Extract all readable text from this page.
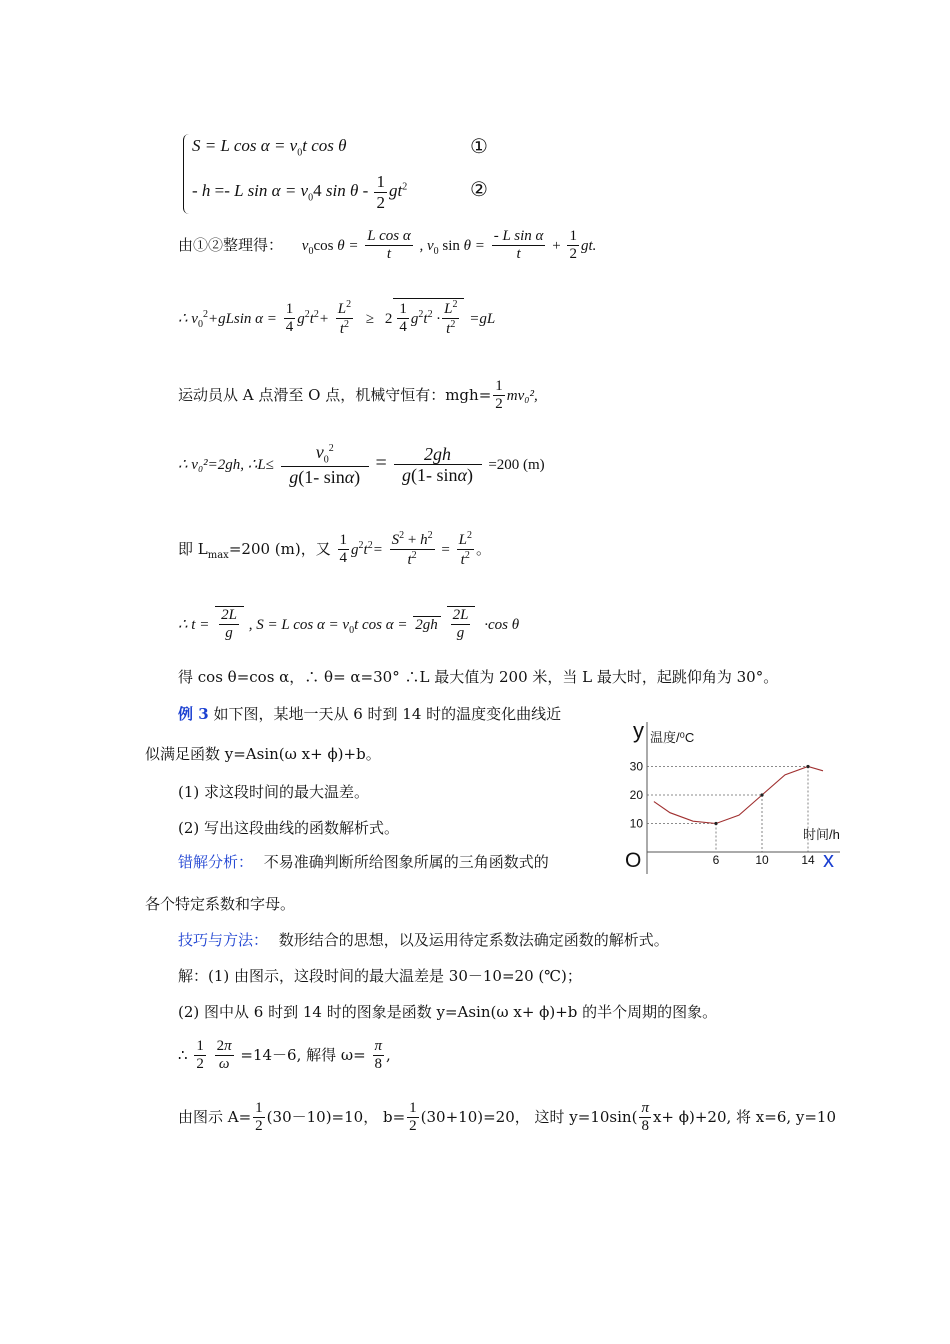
S = L $\cos \alpha = v_0t$ cos θ	①
- h =- L $\sin \alpha = v_04$ sin θ - $\frac{1}{2} gt^2$	②
由①②整理得： $v_0\cos$ $\theta = \frac{\text{L cos α}}{t}$ , $v_0$ $\sin \theta = \frac{\text{- L sin α}}{t} + \frac{1}{2}$ gt.
∴ $v_0^2+gLsin$ $\alpha = \frac{1}{4} g^2t^2+ \frac{L^2}{t^2} \ge 2 \frac{1}{4} g^2t^2 \cdot \frac{L^2}{t^2} =gL$
运动员从 A 点滑至 O 点，机械守恒有：$mgh= \frac{1}{2} mv_0^2$,
∴ v₀²=2gh, ∴L≤ $\frac{v_0^2}{g(1- \sin\alpha)} = \frac{2gh}{g(1- \sin\alpha)} =200$ (m)
即 $L_{max}=200$ (m)，又 $\frac{1}{4} g^2t^2= \frac{S^2 + h^2}{t^2} = \frac{L^2}{t^2}$ 。
∴ $t = \frac{2L}{g}$ , S = L $\cos \alpha = v_0t$ $\cos \alpha = 2gh \frac{2L}{g} \cdot\cos$ θ
得 cos θ=cos α，∴ θ= α=30° ∴L 最大值为 200 米，当 L 最大时，起跳仰角为 30°。
例 3 如下图，某地一天从 6 时到 14 时的温度变化曲线近
似满足函数 y=Asin(ω x+ ϕ)+b。
(1) 求这段时间的最大温差。
(2) 写出这段曲线的函数解析式。
错解分析： 不易准确判断所给图象所属的三角函数式的
各个特定系数和字母。
技巧与方法： 数形结合的思想，以及运用待定系数法确定函数的解析式。
解：(1) 由图示，这段时间的最大温差是 30－10=20 (℃)；
(2) 图中从 6 时到 14 时的图象是函数 y=Asin(ω x+ ϕ)+b 的半个周期的图象。
∴ $\frac{1}{2}$
$\frac{2\pi}{\omega} =14-6$, 解得 $\omega= \frac{\pi}{8}$ ,
由图示 $A= \frac{1}{2} (30-10)=10$， $b= \frac{1}{2} (30+10)=20$， 这时 $y=10\sin( \frac{\pi}{8} x+ \phi)+20$, 将 x=6, y=10
y 温度/⁰C
时间/h
x
O
10
20
30
6	10	14
